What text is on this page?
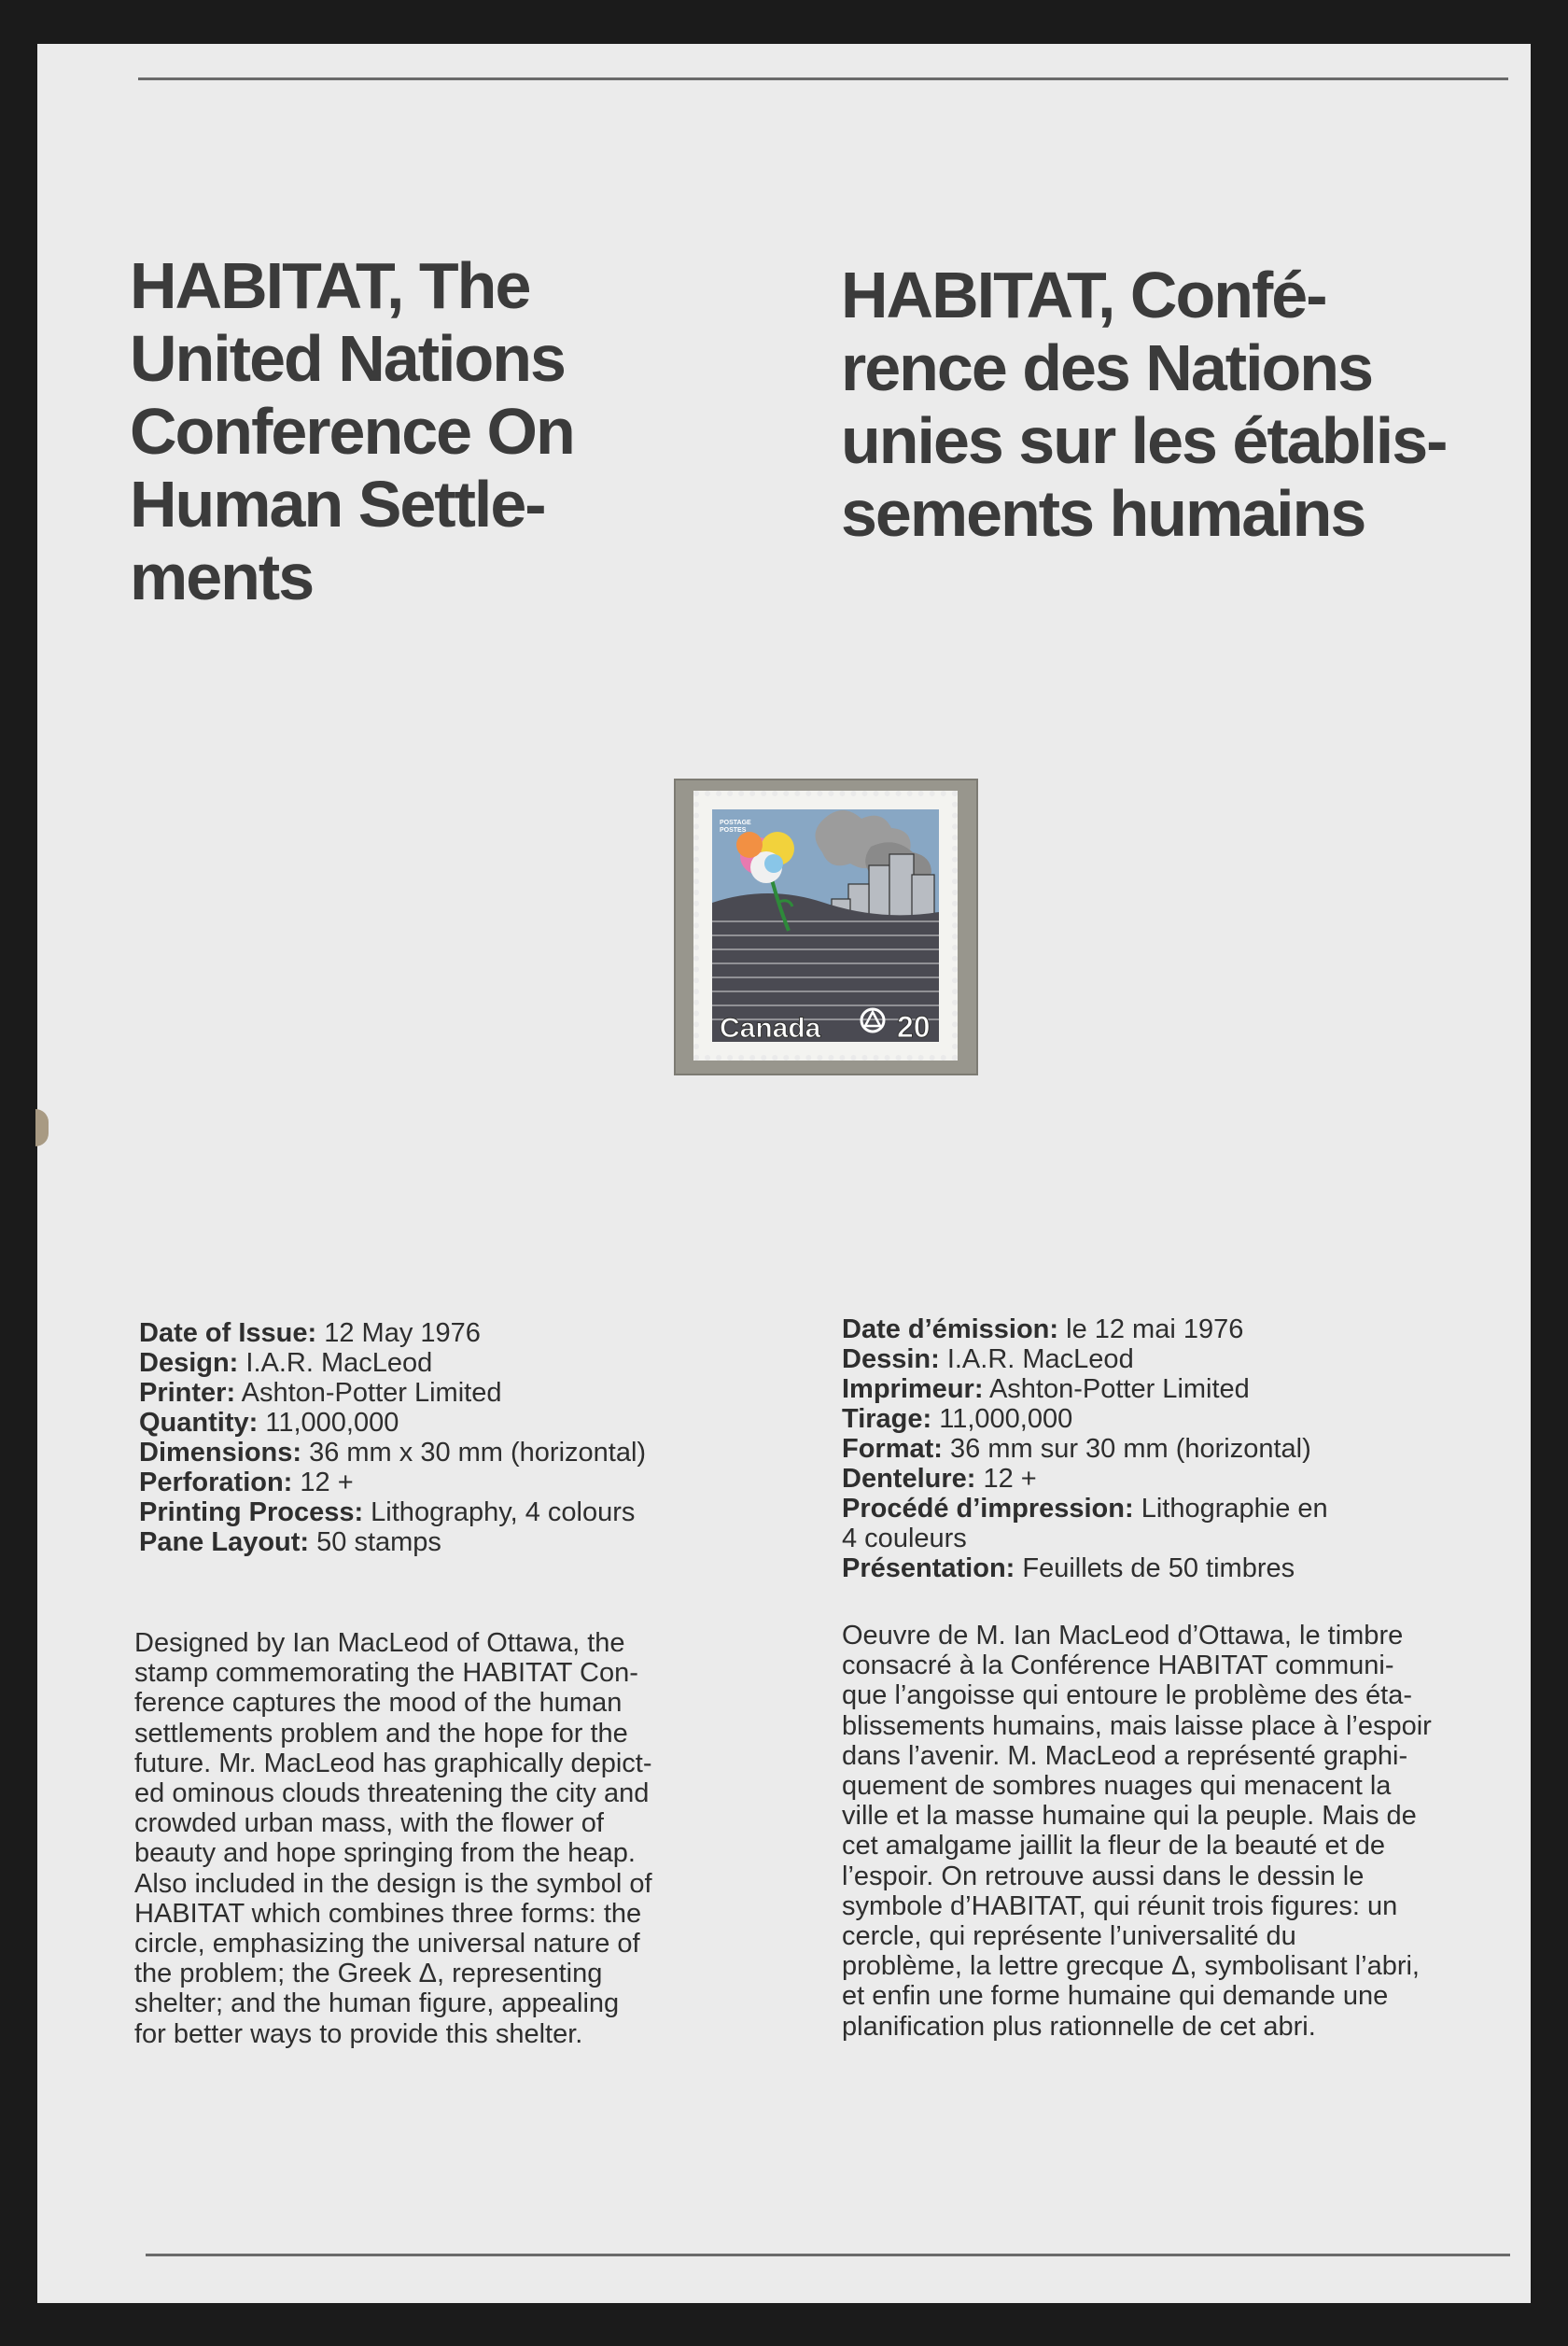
HABITAT, The
United Nations
Conference On
Human Settle-
ments
HABITAT, Confé-
rence des Nations
unies sur les établis-
sements humains
POSTAGE POSTES
Canada	20
Date of Issue: 12 May 1976
Design: I.A.R. MacLeod
Printer: Ashton-Potter Limited
Quantity: 11,000,000
Dimensions: 36 mm x 30 mm (horizontal)
Perforation: 12 +
Printing Process: Lithography, 4 colours
Pane Layout: 50 stamps
Date d’émission: le 12 mai 1976
Dessin: I.A.R. MacLeod
Imprimeur: Ashton-Potter Limited
Tirage: 11,000,000
Format: 36 mm sur 30 mm (horizontal)
Dentelure: 12 +
Procédé d’impression: Lithographie en
4 couleurs
Présentation: Feuillets de 50 timbres

Designed by Ian MacLeod of Ottawa, the
stamp commemorating the HABITAT Con-
ference captures the mood of the human
settlements problem and the hope for the
future. Mr. MacLeod has graphically depict-
ed ominous clouds threatening the city and
crowded urban mass, with the flower of
beauty and hope springing from the heap.
Also included in the design is the symbol of
HABITAT which combines three forms: the
circle, emphasizing the universal nature of
the problem; the Greek Δ, representing
shelter; and the human figure, appealing
for better ways to provide this shelter.

Oeuvre de M. Ian MacLeod d’Ottawa, le timbre
consacré à la Conférence HABITAT communi-
que l’angoisse qui entoure le problème des éta-
blissements humains, mais laisse place à l’espoir
dans l’avenir. M. MacLeod a représenté graphi-
quement de sombres nuages qui menacent la
ville et la masse humaine qui la peuple. Mais de
cet amalgame jaillit la fleur de la beauté et de
l’espoir. On retrouve aussi dans le dessin le
symbole d’HABITAT, qui réunit trois figures: un
cercle, qui représente l’universalité du
problème, la lettre grecque Δ, symbolisant l’abri,
et enfin une forme humaine qui demande une
planification plus rationnelle de cet abri.
